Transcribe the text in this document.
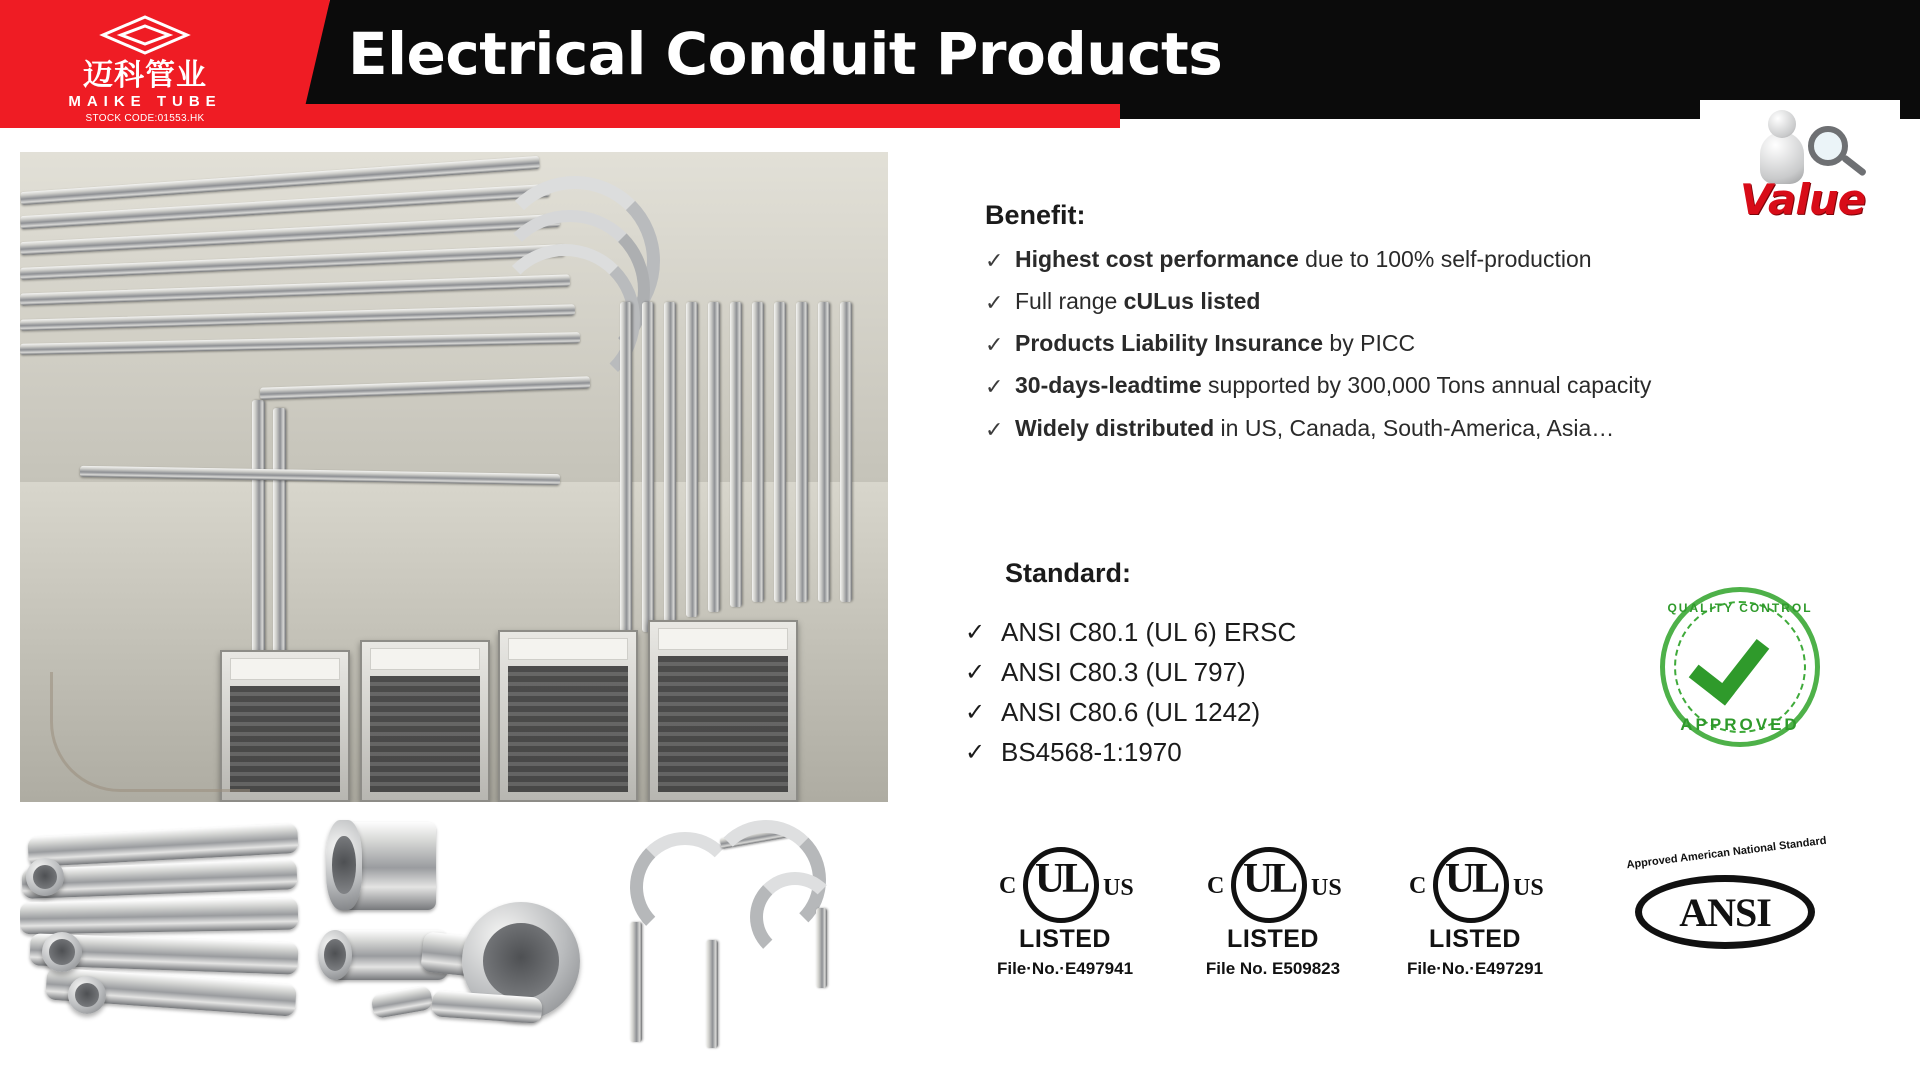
迈科管业
MAIKE TUBE
STOCK CODE:01553.HK
Electrical Conduit Products
Value
Benefit:
✓ Highest cost performance due to 100% self-production
✓ Full range cULus listed
✓ Products Liability Insurance by PICC
✓ 30-days-leadtime supported by 300,000 Tons annual capacity
✓ Widely distributed in US, Canada, South-America, Asia…
Standard:
✓ ANSI C80.1 (UL 6) ERSC
✓ ANSI C80.3 (UL 797)
✓ ANSI C80.6 (UL 1242)
✓ BS4568-1:1970
QUALITY CONTROL
APPROVED
C UL US
LISTED
File·No.·E497941
C UL US
LISTED
File No. E509823
C UL US
LISTED
File·No.·E497291
Approved American National Standard
ANSI
